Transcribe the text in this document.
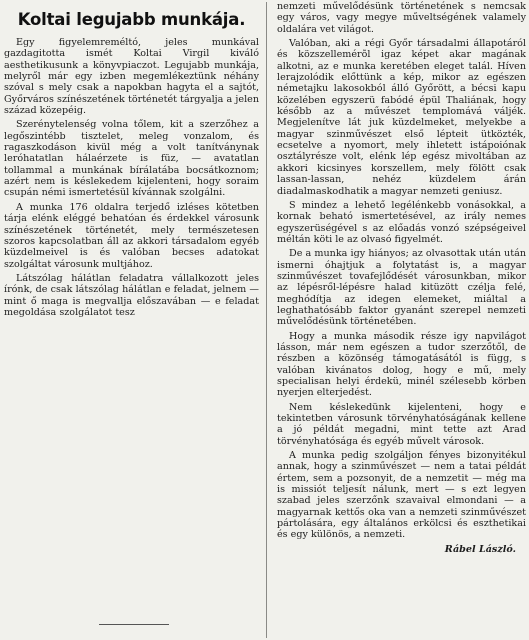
Koltai legujabb munkája.

Egy figyelemreméltó, jeles munkával gazdagitotta ismét Koltai Virgil kiváló aesthetikusunk a könyvpiaczot. Legujabb munkája, melyről már egy izben megemlékeztünk néhány szóval s mely csak a napokban hagyta el a sajtót, Győrváros színészetének történetét tárgyalja a jelen század közepéig.

Szerénytelenség volna tőlem, kit a szerzőhez a legőszintébb tisztelet, meleg vonzalom, és ragaszkodáson kivül még a volt tanítványnak leróhatatlan hálaérzete is füz, — avatatlan tollammal a munkának bírálatába bocsátkoznom; azért nem is késlekedem kijelenteni, hogy soraim csupán némi ismertetésül kívánnak szolgálni.

A munka 176 oldalra terjedő izléses kötetben tárja elénk eléggé behatóan és érdekkel városunk színészetének történetét, mely természetesen szoros kapcsolatban áll az akkori társadalom egyéb küzdelmeivel is és valóban becses adatokat szolgáltat városunk multjához.

Látszólag hálátlan feladatra vállalkozott jeles írónk, de csak látszólag hálátlan e feladat, jelnem — mint ő maga is megvallja előszavában — e feladat megoldása szolgálatot tesz

nemzeti művelődésünk történetének s nemcsak egy város, vagy megye műveltségének valamely oldalára vet világot.

Valóban, aki a régi Győr társadalmi állapotáról és közszellemérõl igaz képet akar magának alkotni, az e munka keretében eleget talál. Híven lerajzolódik előttünk a kép, mikor az egészen németajku lakosokból álló Győrött, a bécsi kapu közelében egyszerü fabódé épül Thaliának, hogy később az a művészet templomává váljék. Megjelenítve lát juk küzdelmeket, melyekbe a magyar szinművészet első lépteit ütközték, ecsetelve a nyomort, mely ihletett istápoiónak osztályrésze volt, elénk lép egész mivoltában az akkori kicsinyes korszellem, mely fölött csak lassan-lassan, nehéz küzdelem árán diadalmaskodhatik a magyar nemzeti geniusz.

S mindez a lehető legélénkebb vonásokkal, a kornak beható ismertetésével, az irály nemes egyszerüségével s az előadás vonzó szépségeivel méltán köti le az olvasó figyelmét.

De a munka igy hiányos; az olvasottak után után ismerni óhajtjuk a folytatást is, a magyar szinművészet tovafejlődését városunkban, mikor az lépésről-lépésre halad kitüzött czélja felé, meghódítja az idegen elemeket, miáltal a leghathatósább faktor gyanánt szerepel nemzeti művelődésünk történetében.

Hogy a munka második része igy napvilágot lásson, már nem egészen a tudor szerzőtől, de részben a közönség támogatásától is függ, s valóban kivánatos dolog, hogy e mű, mely specialisan helyi érdekü, minél szélesebb körben nyerjen elterjedést.

Nem késlekedünk kijelenteni, hogy e tekintetben városunk törvényhatóságának kellene a jó példát megadni, mint tette azt Arad törvényhatósága és egyéb művelt városok.

A munka pedig szolgáljon fényes bizonyitékul annak, hogy a szinművészet — nem a tatai példát értem, sem a pozsonyit, de a nemzetit — még ma is missiót teljesít nálunk, mert — s ezt legyen szabad jeles szerzőnk szavaival elmondani — a magyarnak kettős oka van a nemzeti szinművészet pártolására, egy általános erkölcsi és eszthetikai és egy különös, a nemzeti.

Rábel László.
